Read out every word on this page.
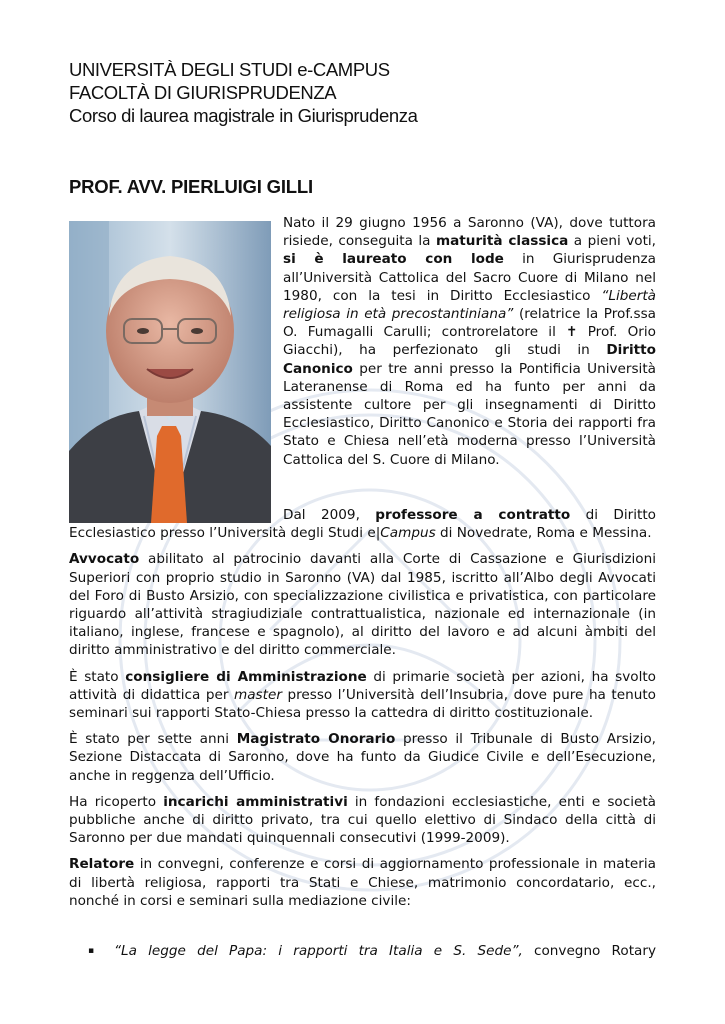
UNIVERSITÀ DEGLI STUDI e-CAMPUS
FACOLTÀ DI GIURISPRUDENZA
Corso di laurea magistrale in Giurisprudenza
PROF. AVV. PIERLUIGI GILLI
Nato il 29 giugno 1956 a Saronno (VA), dove tuttora risiede, conseguita la maturità classica a pieni voti, si è laureato con lode in Giurisprudenza all’Università Cattolica del Sacro Cuore di Milano nel 1980, con la tesi in Diritto Ecclesiastico “Libertà religiosa in età precostantiniana” (relatrice la Prof.ssa O. Fumagalli Carulli; controrelatore il ✝ Prof. Orio Giacchi), ha perfezionato gli studi in Diritto Canonico per tre anni presso la Pontificia Università Lateranense di Roma ed ha funto per anni da assistente cultore per gli insegnamenti di Diritto Ecclesiastico, Diritto Canonico e Storia dei rapporti fra Stato e Chiesa nell’età moderna presso l’Università Cattolica del S. Cuore di Milano.

Dal 2009, professore a contratto di Diritto Ecclesiastico presso l’Università degli Studi e|Campus di Novedrate, Roma e Messina.

Avvocato abilitato al patrocinio davanti alla Corte di Cassazione e Giurisdizioni Superiori con proprio studio in Saronno (VA) dal 1985, iscritto all’Albo degli Avvocati del Foro di Busto Arsizio, con specializzazione civilistica e privatistica, con particolare riguardo all’attività stragiudiziale contrattualistica, nazionale ed internazionale (in italiano, inglese, francese e spagnolo), al diritto del lavoro e ad alcuni àmbiti del diritto amministrativo e del diritto commerciale.

È stato consigliere di Amministrazione di primarie società per azioni, ha svolto attività di didattica per master presso l’Università dell’Insubria, dove pure ha tenuto seminari sui rapporti Stato-Chiesa presso la cattedra di diritto costituzionale.

È stato per sette anni Magistrato Onorario presso il Tribunale di Busto Arsizio, Sezione Distaccata di Saronno, dove ha funto da Giudice Civile e dell’Esecuzione, anche in reggenza dell’Ufficio.

Ha ricoperto incarichi amministrativi in fondazioni ecclesiastiche, enti e società pubbliche anche di diritto privato, tra cui quello elettivo di Sindaco della città di Saronno per due mandati quinquennali consecutivi (1999-2009).

Relatore in convegni, conferenze e corsi di aggiornamento professionale in materia di libertà religiosa, rapporti tra Stati e Chiese, matrimonio concordatario, ecc., nonché in corsi e seminari sulla mediazione civile:

▪	“La legge del Papa: i rapporti tra Italia e S. Sede”, convegno Rotary
